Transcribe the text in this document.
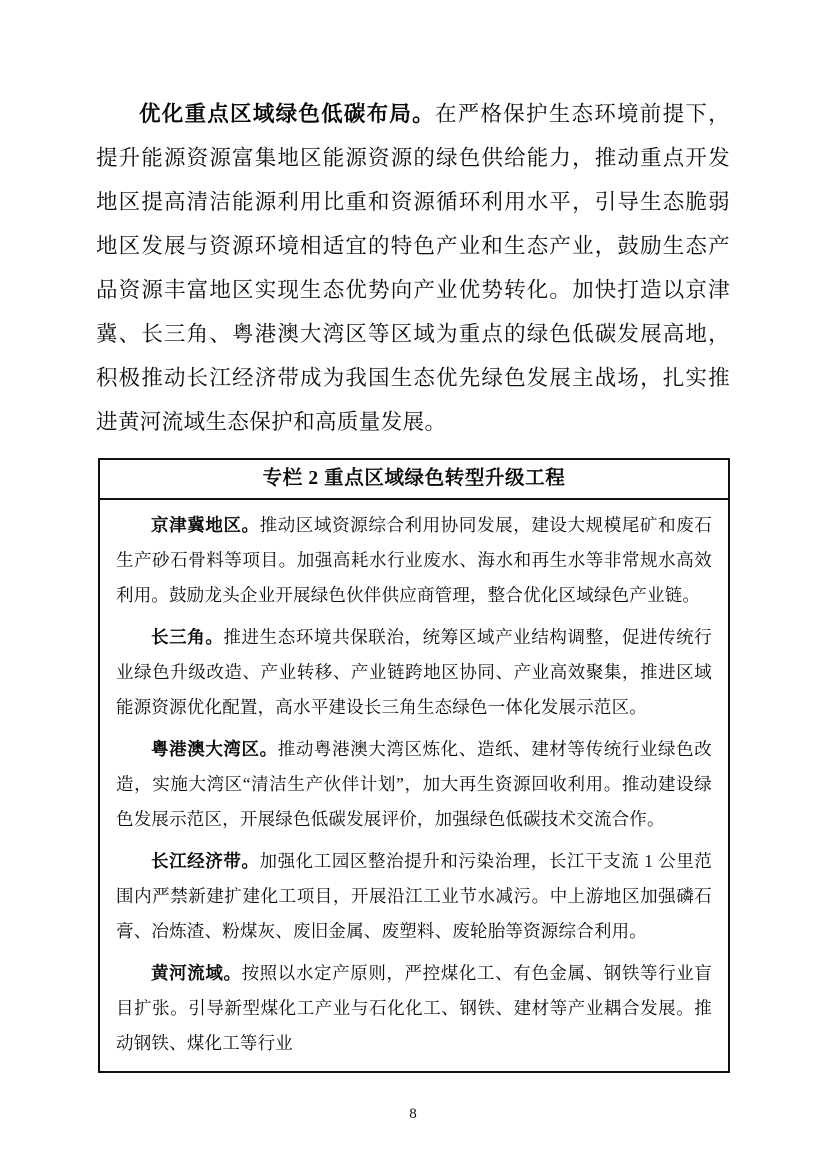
优化重点区域绿色低碳布局。在严格保护生态环境前提下，提升能源资源富集地区能源资源的绿色供给能力，推动重点开发地区提高清洁能源利用比重和资源循环利用水平，引导生态脆弱地区发展与资源环境相适宜的特色产业和生态产业，鼓励生态产品资源丰富地区实现生态优势向产业优势转化。加快打造以京津冀、长三角、粤港澳大湾区等区域为重点的绿色低碳发展高地，积极推动长江经济带成为我国生态优先绿色发展主战场，扎实推进黄河流域生态保护和高质量发展。

专栏 2 重点区域绿色转型升级工程

京津冀地区。推动区域资源综合利用协同发展，建设大规模尾矿和废石生产砂石骨料等项目。加强高耗水行业废水、海水和再生水等非常规水高效利用。鼓励龙头企业开展绿色伙伴供应商管理，整合优化区域绿色产业链。

长三角。推进生态环境共保联治，统筹区域产业结构调整，促进传统行业绿色升级改造、产业转移、产业链跨地区协同、产业高效聚集，推进区域能源资源优化配置，高水平建设长三角生态绿色一体化发展示范区。

粤港澳大湾区。推动粤港澳大湾区炼化、造纸、建材等传统行业绿色改造，实施大湾区“清洁生产伙伴计划”，加大再生资源回收利用。推动建设绿色发展示范区，开展绿色低碳发展评价，加强绿色低碳技术交流合作。

长江经济带。加强化工园区整治提升和污染治理，长江干支流 1 公里范围内严禁新建扩建化工项目，开展沿江工业节水减污。中上游地区加强磷石膏、冶炼渣、粉煤灰、废旧金属、废塑料、废轮胎等资源综合利用。

黄河流域。按照以水定产原则，严控煤化工、有色金属、钢铁等行业盲目扩张。引导新型煤化工产业与石化化工、钢铁、建材等产业耦合发展。推动钢铁、煤化工等行业

8
